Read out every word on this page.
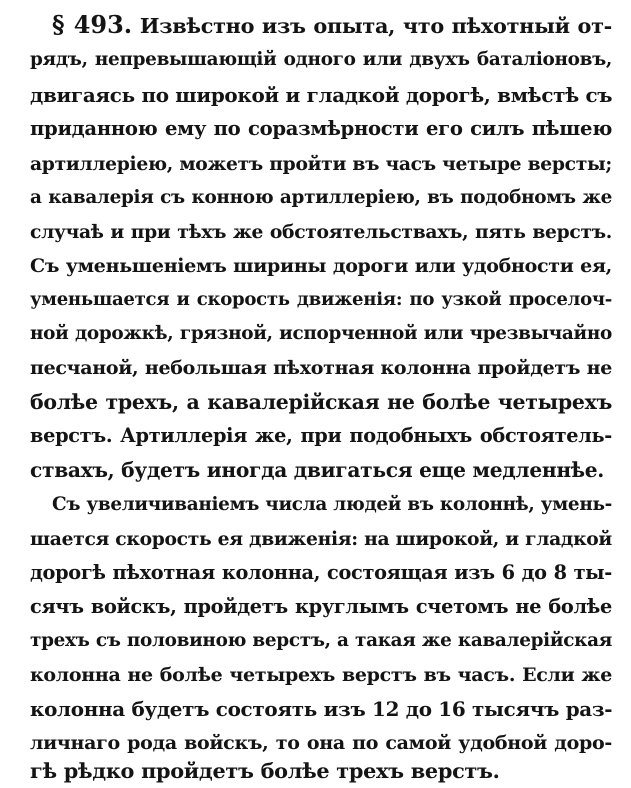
§ 493. Извѣстно изъ опыта, что пѣхотный от-
рядъ, непревышающій одного или двухъ баталіоновъ,
двигаясь по широкой и гладкой дорогѣ, вмѣстѣ съ
приданною ему по соразмѣрности его силъ пѣшею
артиллеріею, можетъ пройти въ часъ четыре версты;
а кавалерія съ конною артиллеріею, въ подобномъ же
случаѣ и при тѣхъ же обстоятельствахъ, пять верстъ.
Съ уменьшеніемъ ширины дороги или удобности ея,
уменьшается и скорость движенія: по узкой проселоч-
ной дорожкѣ, грязной, испорченной или чрезвычайно
песчаной, небольшая пѣхотная колонна пройдетъ не
болѣе трехъ, а кавалерійская не болѣе четырехъ
верстъ. Артиллерія же, при подобныхъ обстоятель-
ствахъ, будетъ иногда двигаться еще медленнѣе.
Съ увеличиваніемъ числа людей въ колоннѣ, умень-
шается скорость ея движенія: на широкой, и гладкой
дорогѣ пѣхотная колонна, состоящая изъ 6 до 8 ты-
сячъ войскъ, пройдетъ круглымъ счетомъ не болѣе
трехъ съ половиною верстъ, а такая же кавалерійская
колонна не болѣе четырехъ верстъ въ часъ. Если же
колонна будетъ состоять изъ 12 до 16 тысячъ раз-
личнаго рода войскъ, то она по самой удобной доро-
гѣ рѣдко пройдетъ болѣе трехъ верстъ.
